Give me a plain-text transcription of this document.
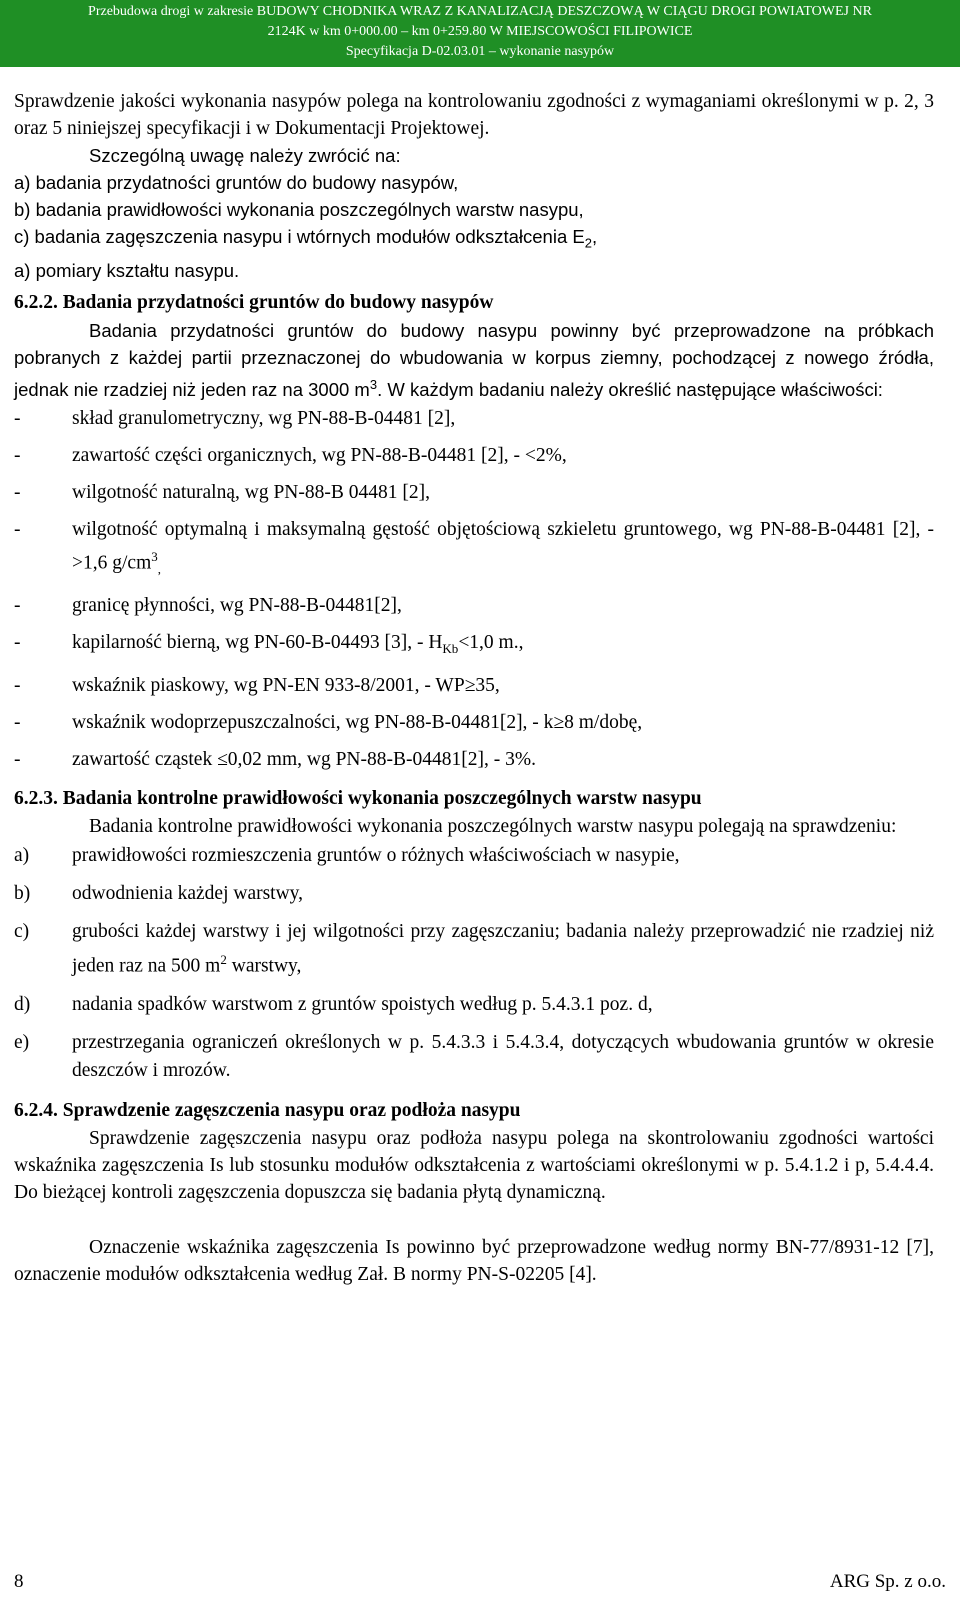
Przebudowa drogi w zakresie BUDOWY CHODNIKA WRAZ Z KANALIZACJĄ DESZCZOWĄ W CIĄGU DROGI POWIATOWEJ NR
2124K w km 0+000.00 – km 0+259.80 W MIEJSCOWOŚCI FILIPOWICE
Specyfikacja D-02.03.01 – wykonanie nasypów

Sprawdzenie jakości wykonania nasypów polega na kontrolowaniu zgodności z wymaganiami określonymi w p. 2, 3 oraz 5 niniejszej specyfikacji i w Dokumentacji Projektowej.

Szczególną uwagę należy zwrócić na:

a) badania przydatności gruntów do budowy nasypów,

b) badania prawidłowości wykonania poszczególnych warstw nasypu,

c) badania zagęszczenia nasypu i wtórnych modułów odkształcenia $E_2$,

a) pomiary kształtu nasypu.

6.2.2. Badania przydatności gruntów do budowy nasypów

Badania przydatności gruntów do budowy nasypu powinny być przeprowadzone na próbkach pobranych z każdej partii przeznaczonej do wbudowania w korpus ziemny, pochodzącej z nowego źródła, jednak nie rzadziej niż jeden raz na 3000 $m^3$. W każdym badaniu należy określić następujące właściwości:

-	skład granulometryczny, wg PN-88-B-04481 [2],
-	zawartość części organicznych, wg PN-88-B-04481 [2], - <2%,
-	wilgotność naturalną, wg PN-88-B 04481 [2],
-	wilgotność optymalną i maksymalną gęstość objętościową szkieletu gruntowego, wg PN-88-B-04481 [2], - >1,6 $g/cm^3_,$
-	granicę płynności, wg PN-88-B-04481[2],
-	kapilarność bierną, wg PN-60-B-04493 [3], - $H_{Kb}<1,0$ m.,
-	wskaźnik piaskowy, wg PN-EN 933-8/2001, - WP≥35,
-	wskaźnik wodoprzepuszczalności, wg PN-88-B-04481[2], - k≥8 m/dobę,
-	zawartość cząstek ≤0,02 mm, wg PN-88-B-04481[2], - 3%.
6.2.3. Badania kontrolne prawidłowości wykonania poszczególnych warstw nasypu

Badania kontrolne prawidłowości wykonania poszczególnych warstw nasypu polegają na sprawdzeniu:

a)	prawidłowości rozmieszczenia gruntów o różnych właściwościach w nasypie,
b)	odwodnienia każdej warstwy,
c)	grubości każdej warstwy i jej wilgotności przy zagęszczaniu; badania należy przeprowadzić nie rzadziej niż jeden raz na 500 $m^2$ warstwy,
d)	nadania spadków warstwom z gruntów spoistych według p. 5.4.3.1 poz. d,
e)	przestrzegania ograniczeń określonych w p. 5.4.3.3 i 5.4.3.4, dotyczących wbudowania gruntów w okresie deszczów i mrozów.
6.2.4. Sprawdzenie zagęszczenia nasypu oraz podłoża nasypu

Sprawdzenie zagęszczenia nasypu oraz podłoża nasypu polega na skontrolowaniu zgodności wartości wskaźnika zagęszczenia Is lub stosunku modułów odkształcenia z wartościami określonymi w p. 5.4.1.2 i p, 5.4.4.4. Do bieżącej kontroli zagęszczenia dopuszcza się badania płytą dynamiczną.

Oznaczenie wskaźnika zagęszczenia Is powinno być przeprowadzone według normy BN-77/8931-12 [7], oznaczenie modułów odkształcenia według Zał. B normy PN-S-02205 [4].

8	ARG Sp. z o.o.
